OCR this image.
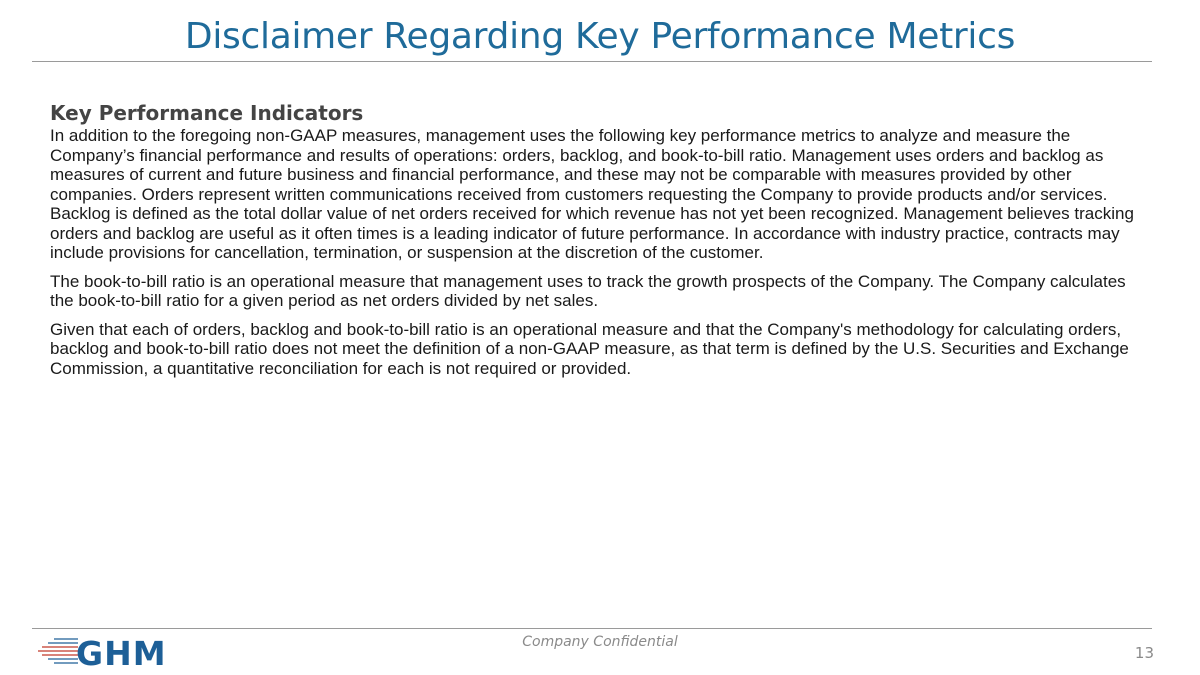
Disclaimer Regarding Key Performance Metrics

Key Performance Indicators

In addition to the foregoing non-GAAP measures, management uses the following key performance metrics to analyze and measure the Company’s financial performance and results of operations: orders, backlog, and book-to-bill ratio. Management uses orders and backlog as measures of current and future business and financial performance, and these may not be comparable with measures provided by other companies. Orders represent written communications received from customers requesting the Company to provide products and/or services. Backlog is defined as the total dollar value of net orders received for which revenue has not yet been recognized. Management believes tracking orders and backlog are useful as it often times is a leading indicator of future performance. In accordance with industry practice, contracts may include provisions for cancellation, termination, or suspension at the discretion of the customer.

The book-to-bill ratio is an operational measure that management uses to track the growth prospects of the Company. The Company calculates the book-to-bill ratio for a given period as net orders divided by net sales.

Given that each of orders, backlog and book-to-bill ratio is an operational measure and that the Company's methodology for calculating orders, backlog and book-to-bill ratio does not meet the definition of a non-GAAP measure, as that term is defined by the U.S. Securities and Exchange Commission, a quantitative reconciliation for each is not required or provided.

GHM	Company Confidential
13
